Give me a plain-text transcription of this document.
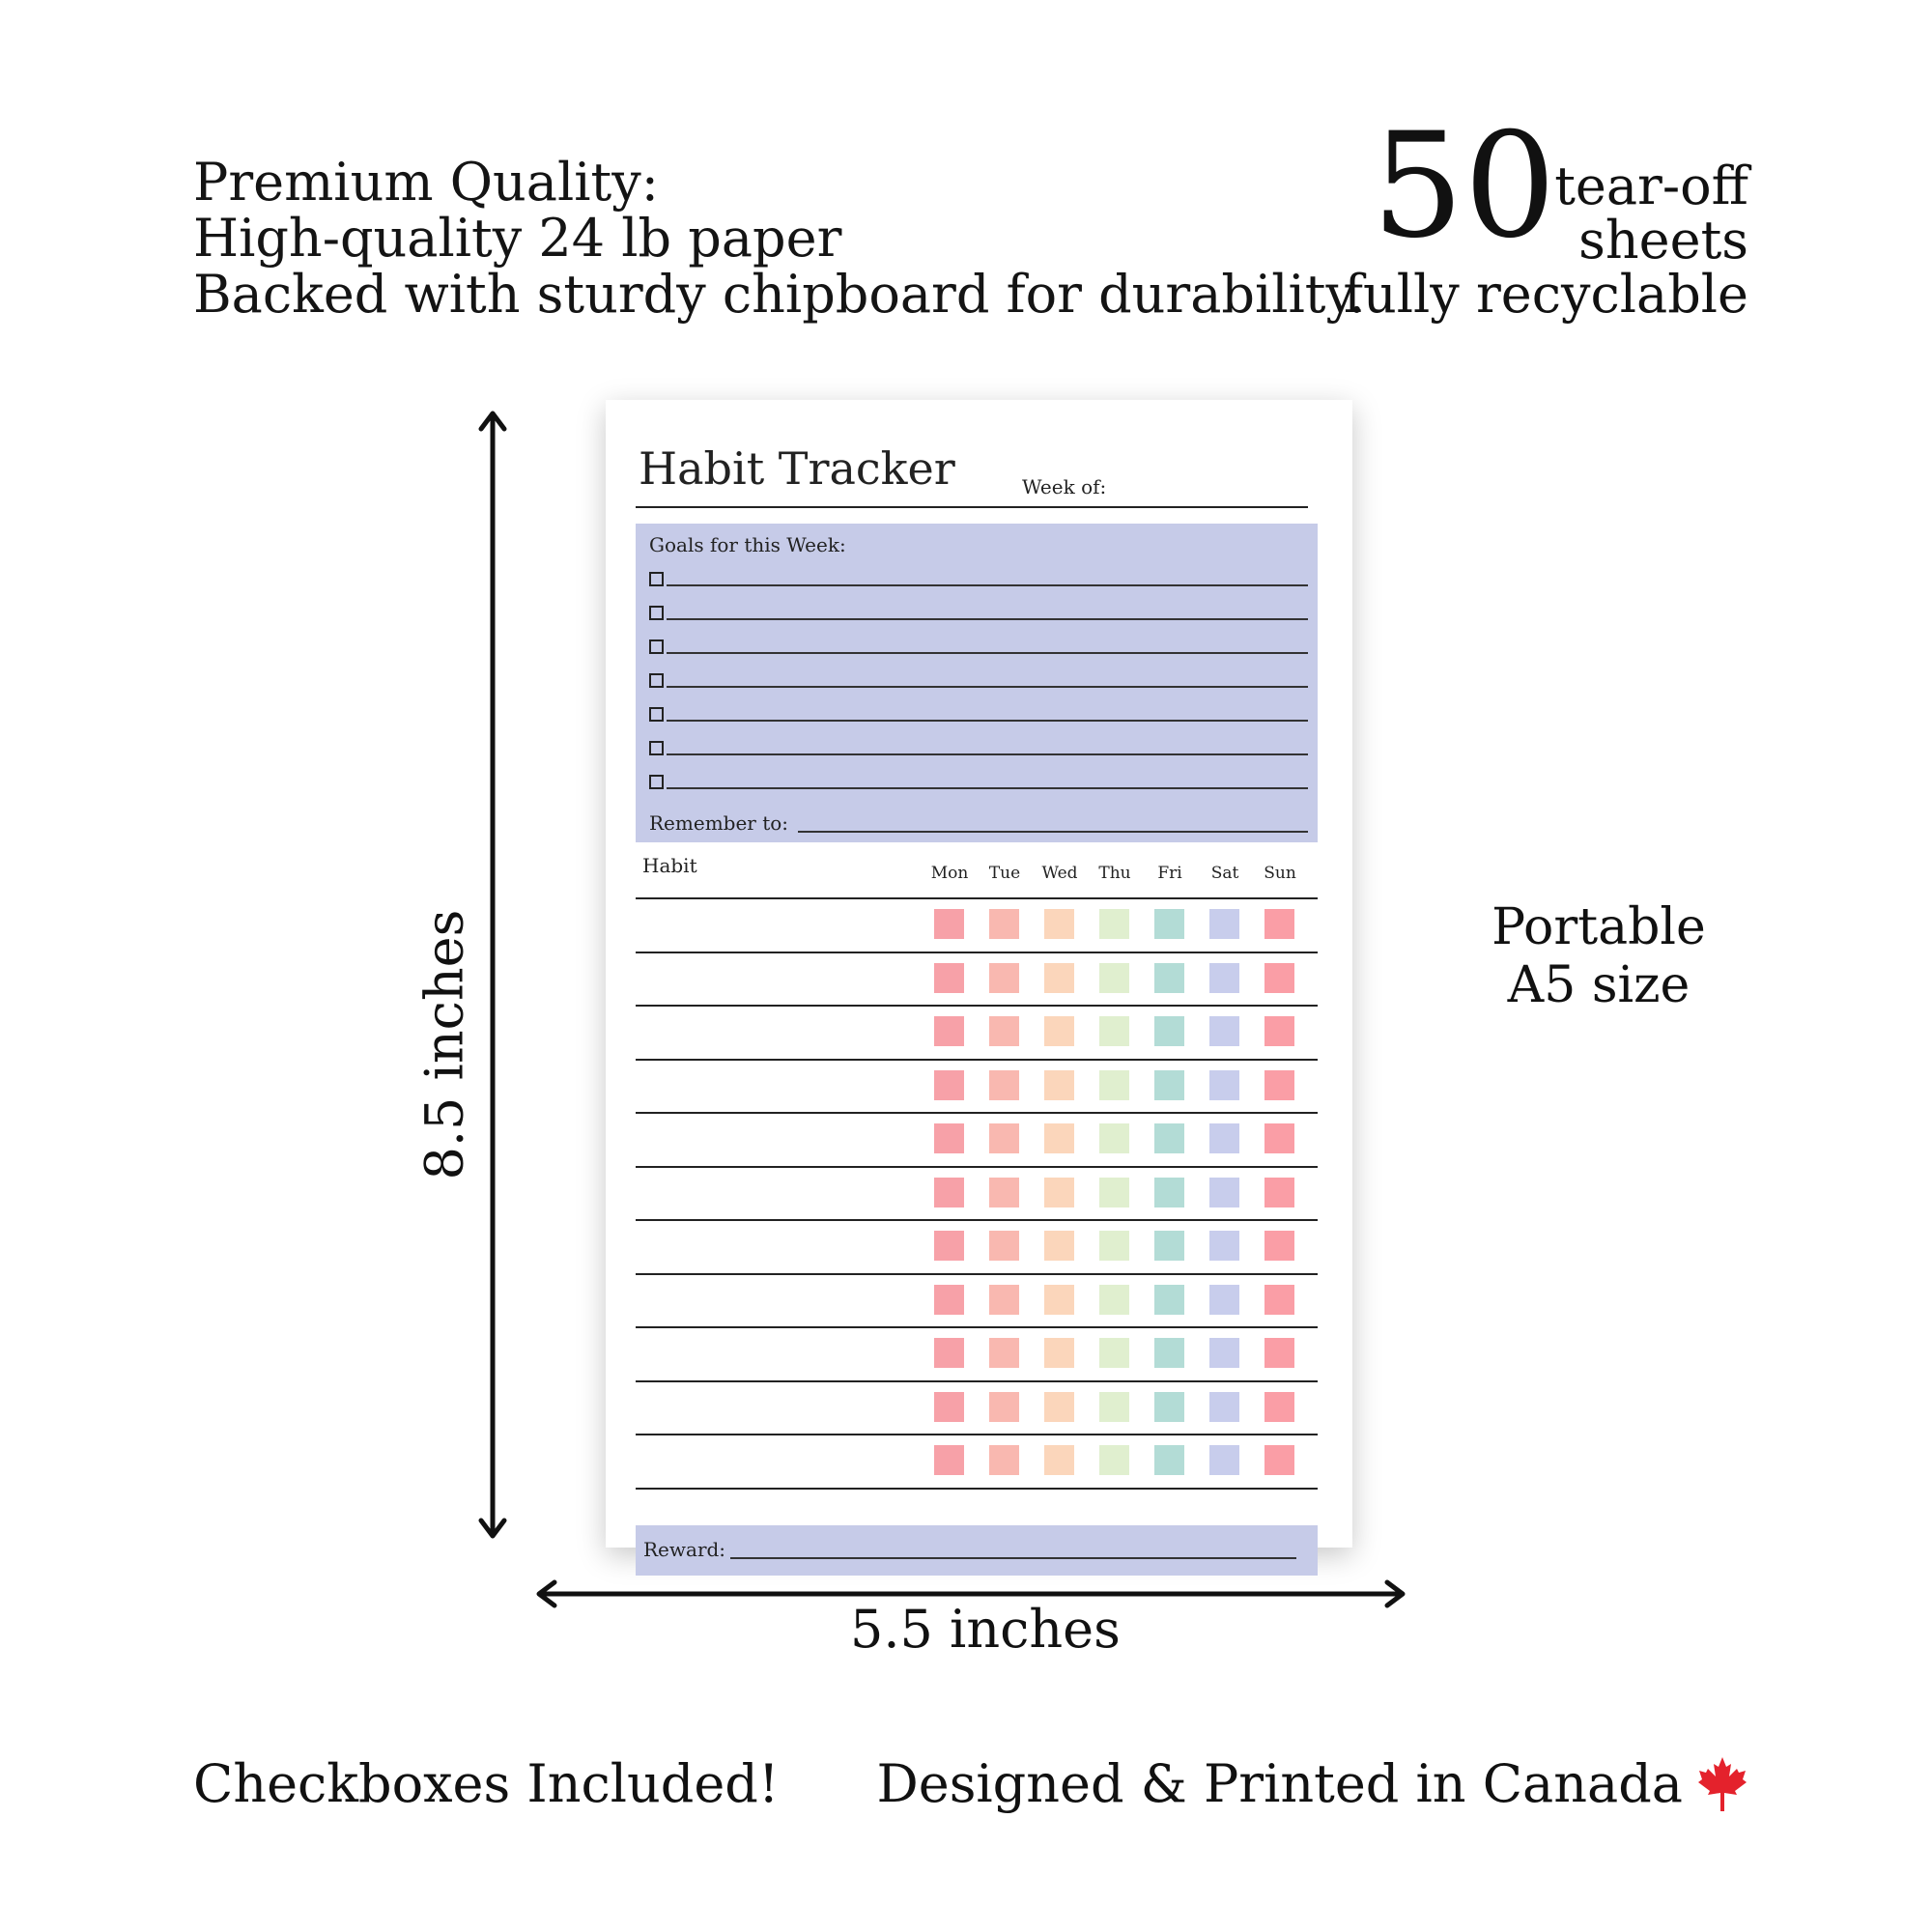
Premium Quality:
High-quality 24 lb paper
Backed with sturdy chipboard for durability.
50
tear-off
sheets
fully recyclable
8.5 inches
5.5 inches
Portable
A5 size
Habit Tracker	Week of:
Goals for this Week:
Remember to:
Habit	Mon	Tue	Wed	Thu	Fri	Sat	Sun
Reward:
Checkboxes Included! Designed & Printed in Canada
